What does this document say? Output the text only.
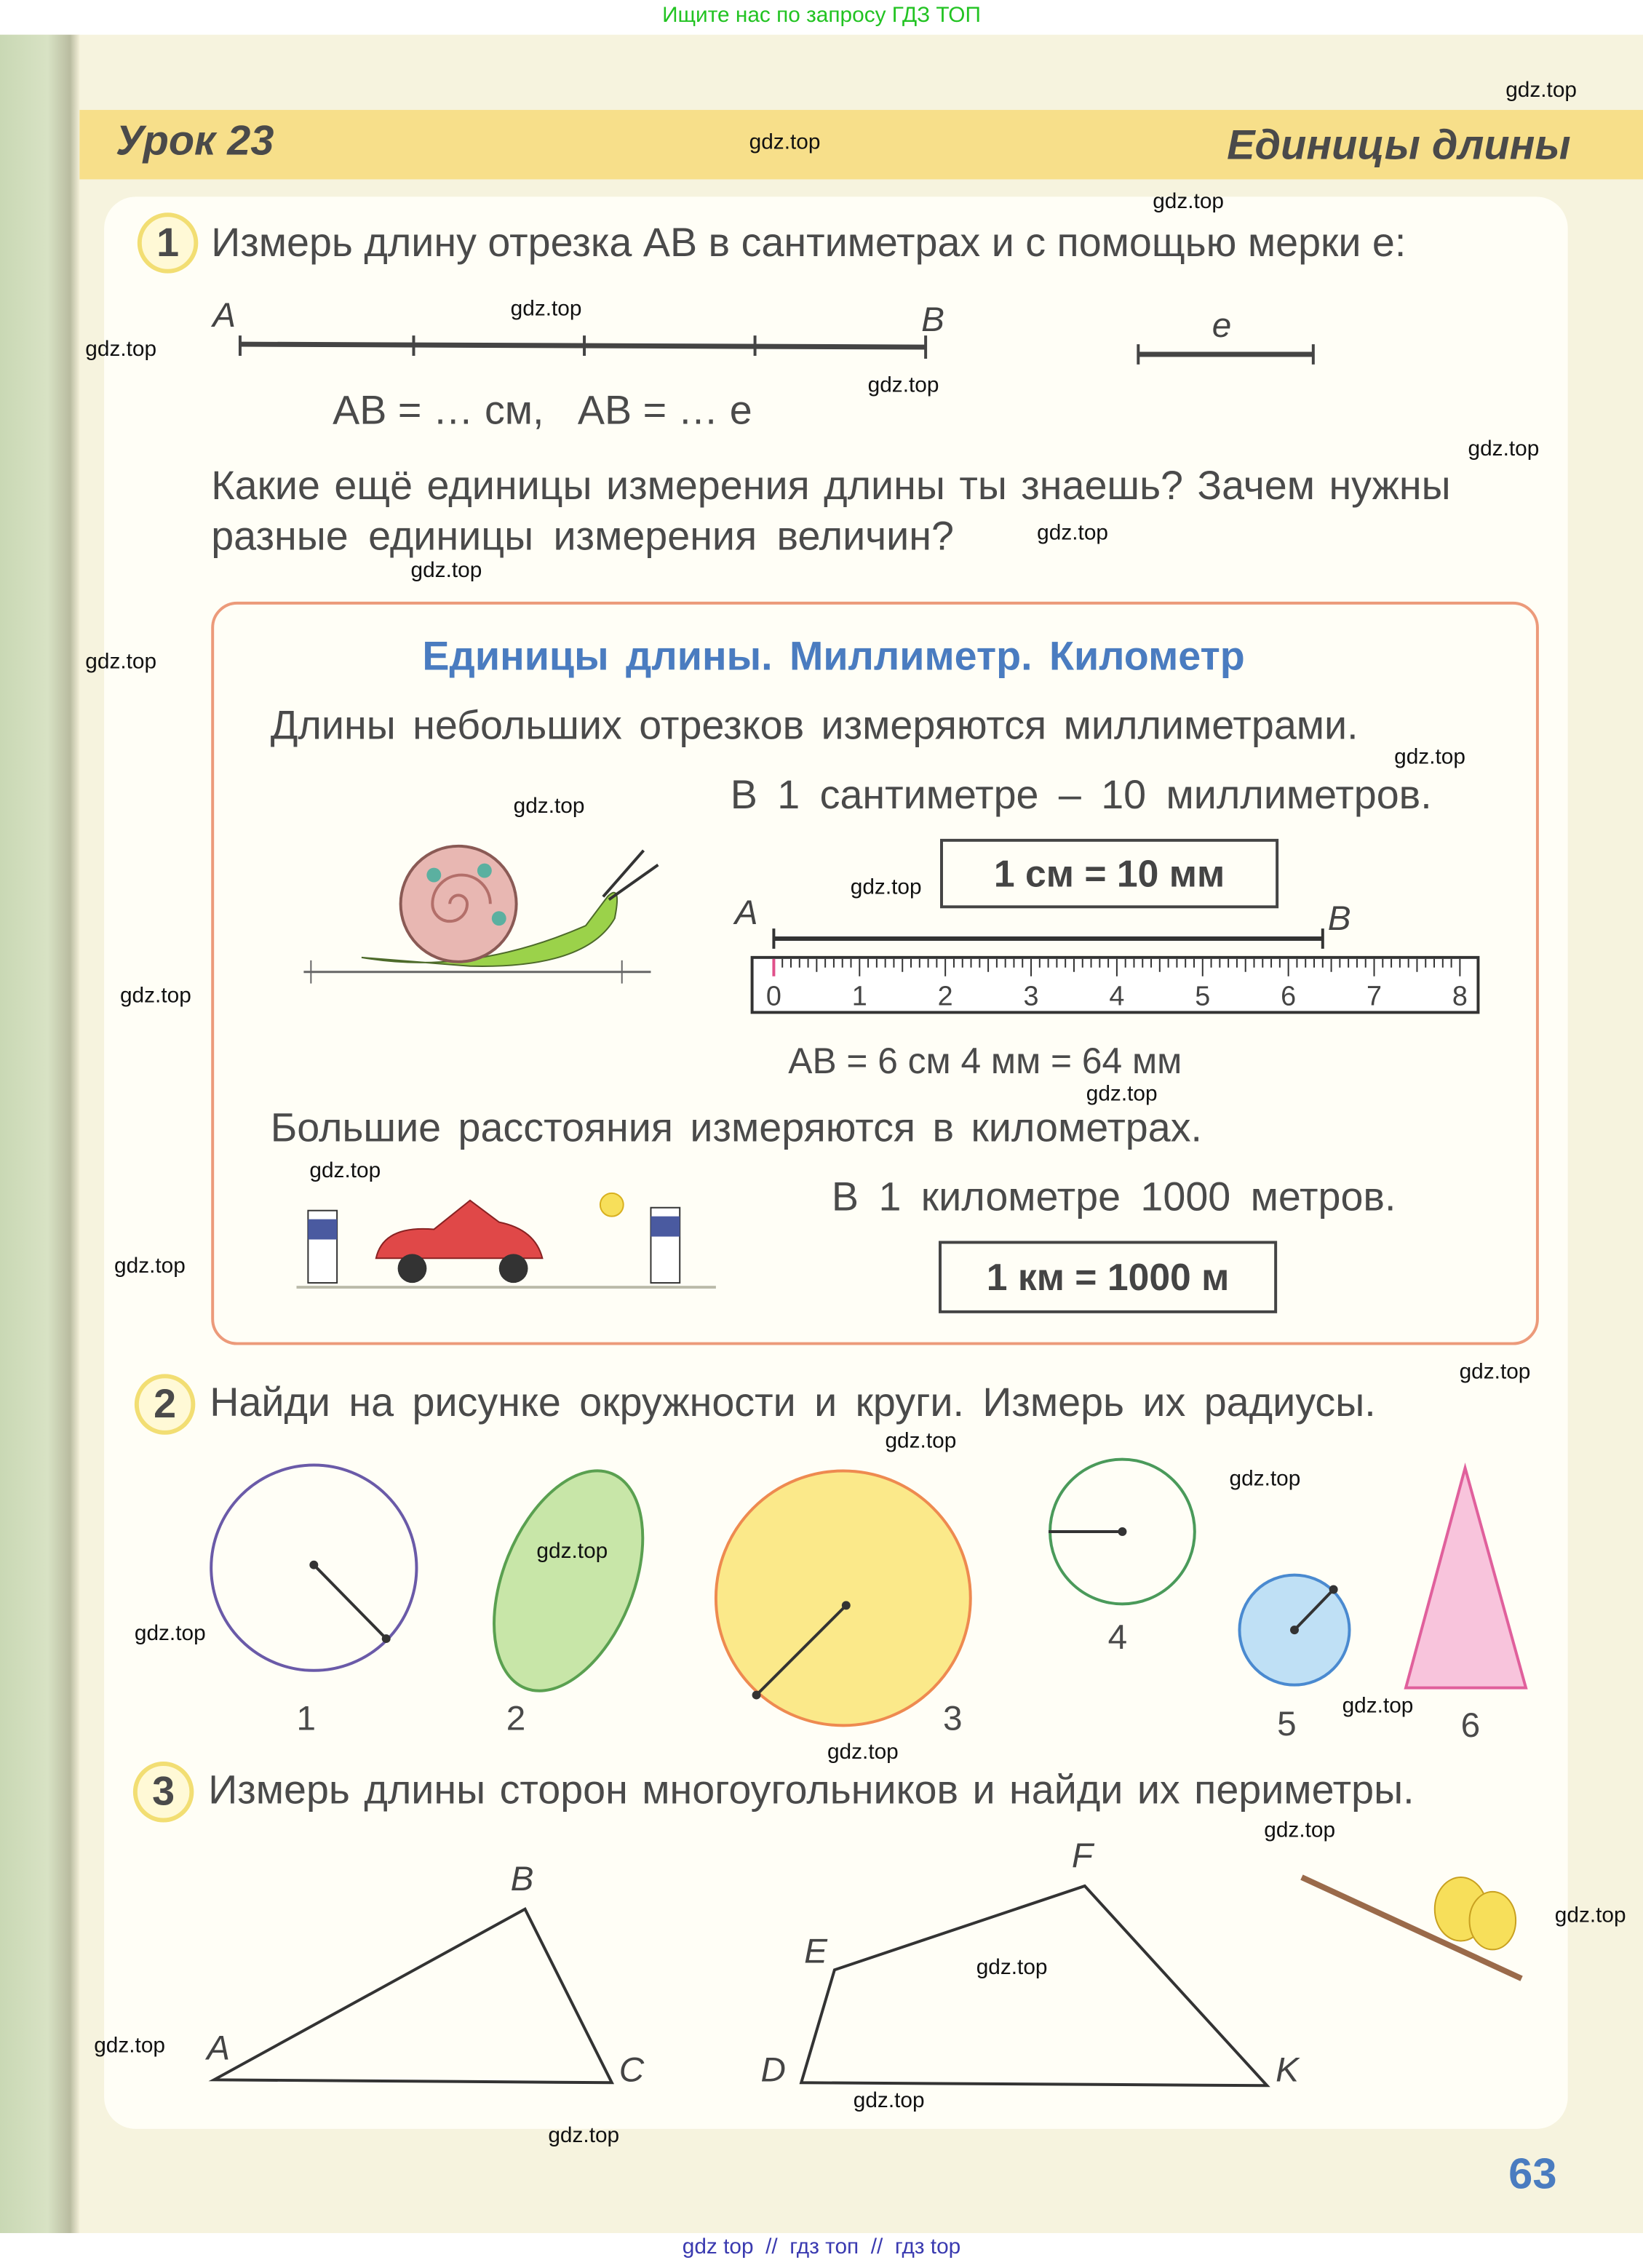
Ищите нас по запросу ГДЗ ТОП
Урок 23	Единицы длины
1	Измерь длину отрезка AB в сантиметрах и с помощью мерки e:
A	B	e
AB = … см,   AB = … e
Какие ещё единицы измерения длины ты знаешь? Зачем нужны
разные единицы измерения величин?
Единицы длины. Миллиметр. Километр
Длины небольших отрезков измеряются миллиметрами.
В 1 сантиметре – 10 миллиметров.
1 см = 10 мм
A	B
0	1	2	3	4	5	6	7	8
AB = 6 см 4 мм = 64 мм
Большие расстояния измеряются в километрах.
В 1 километре 1000 метров.
1 км = 1000 м
2	Найди на рисунке окружности и круги. Измерь их радиусы.
1	2	3
4
5	6
3	Измерь длины сторон многоугольников и найди их периметры.
A
B
C	D
E
F
K
63
gdz top  //  гдз топ  //  гдз top
gdz.top
gdz.top
gdz.top
gdz.top
gdz.top
gdz.top
gdz.top
gdz.top
gdz.top
gdz.top
gdz.top
gdz.top
gdz.top
gdz.top
gdz.top
gdz.top
gdz.top
gdz.top
gdz.top
gdz.top
gdz.top
gdz.top
gdz.top
gdz.top
gdz.top
gdz.top
gdz.top
gdz.top
gdz.top
gdz.top
